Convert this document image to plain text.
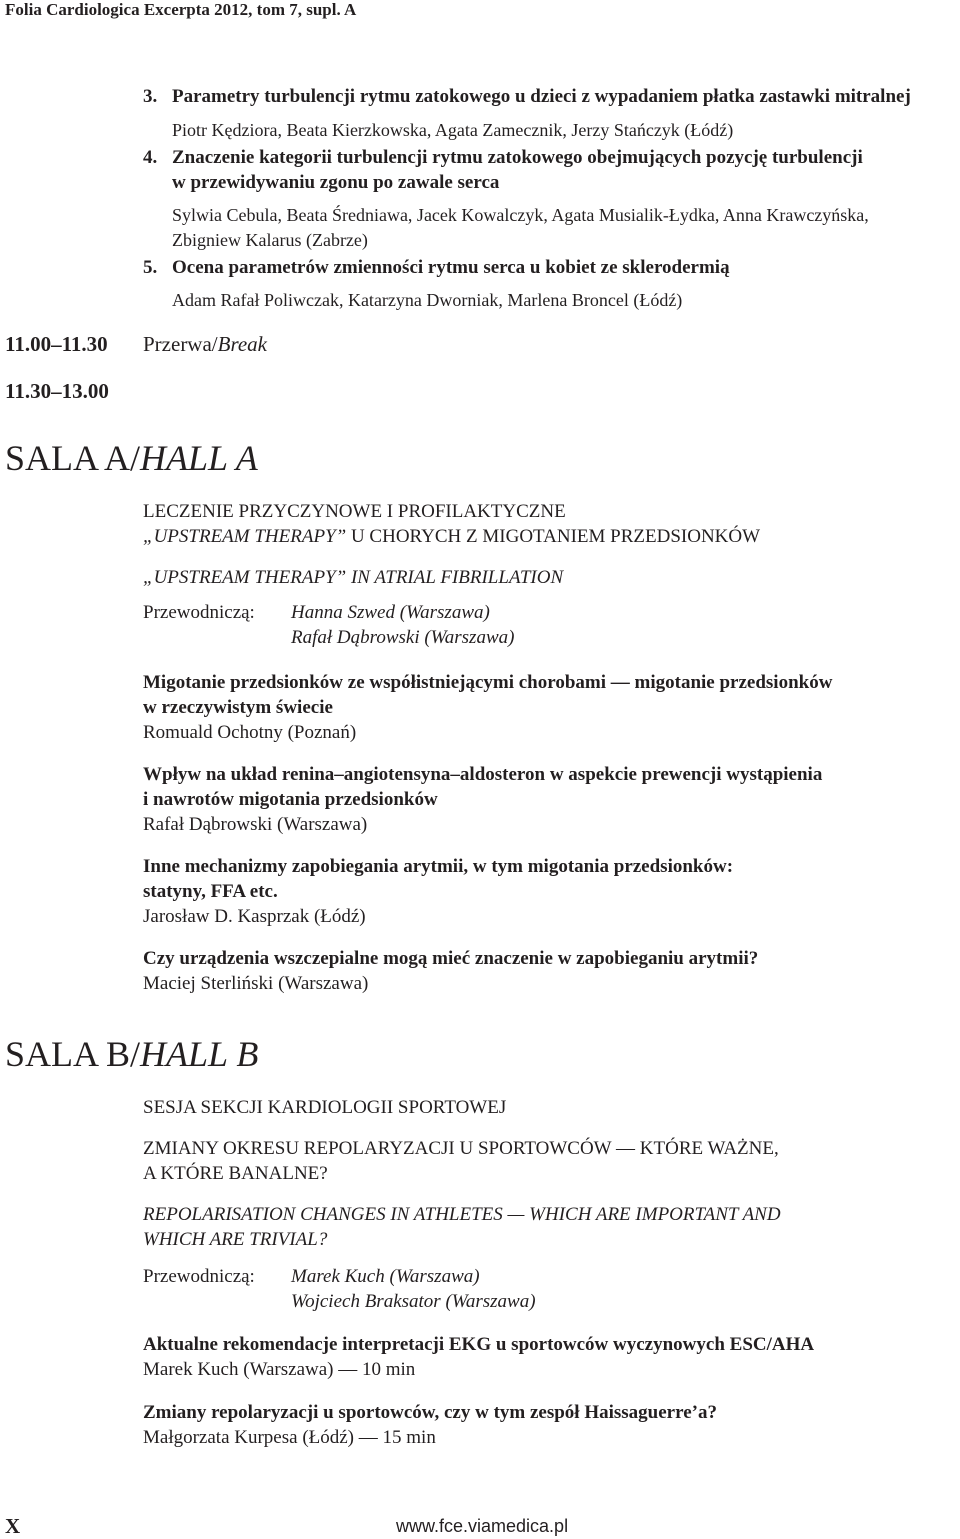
Folia Cardiologica Excerpta 2012, tom 7, supl. A
3. Parametry turbulencji rytmu zatokowego u dzieci z wypadaniem płatka zastawki mitralnej
Piotr Kędziora, Beata Kierzkowska, Agata Zamecznik, Jerzy Stańczyk (Łódź)
4. Znaczenie kategorii turbulencji rytmu zatokowego obejmujących pozycję turbulencji
w przewidywaniu zgonu po zawale serca
Sylwia Cebula, Beata Średniawa, Jacek Kowalczyk, Agata Musialik-Łydka, Anna Krawczyńska,
Zbigniew Kalarus (Zabrze)
5. Ocena parametrów zmienności rytmu serca u kobiet ze sklerodermią
Adam Rafał Poliwczak, Katarzyna Dworniak, Marlena Broncel (Łódź)
11.00–11.30 Przerwa/Break
11.30–13.00
SALA A/HALL A
LECZENIE PRZYCZYNOWE I PROFILAKTYCZNE
„UPSTREAM THERAPY” U CHORYCH Z MIGOTANIEM PRZEDSIONKÓW
„UPSTREAM THERAPY” IN ATRIAL FIBRILLATION
Przewodniczą: Hanna Szwed (Warszawa)
Rafał Dąbrowski (Warszawa)
Migotanie przedsionków ze współistniejącymi chorobami — migotanie przedsionków
w rzeczywistym świecie
Romuald Ochotny (Poznań)
Wpływ na układ renina–angiotensyna–aldosteron w aspekcie prewencji wystąpienia
i nawrotów migotania przedsionków
Rafał Dąbrowski (Warszawa)
Inne mechanizmy zapobiegania arytmii, w tym migotania przedsionków:
statyny, FFA etc.
Jarosław D. Kasprzak (Łódź)
Czy urządzenia wszczepialne mogą mieć znaczenie w zapobieganiu arytmii?
Maciej Sterliński (Warszawa)
SALA B/HALL B
SESJA SEKCJI KARDIOLOGII SPORTOWEJ
ZMIANY OKRESU REPOLARYZACJI U SPORTOWCÓW — KTÓRE WAŻNE,
A KTÓRE BANALNE?
REPOLARISATION CHANGES IN ATHLETES — WHICH ARE IMPORTANT AND
WHICH ARE TRIVIAL?
Przewodniczą: Marek Kuch (Warszawa)
Wojciech Braksator (Warszawa)
Aktualne rekomendacje interpretacji EKG u sportowców wyczynowych ESC/AHA
Marek Kuch (Warszawa) — 10 min
Zmiany repolaryzacji u sportowców, czy w tym zespół Haissaguerre’a?
Małgorzata Kurpesa (Łódź) — 15 min
X	www.fce.viamedica.pl
